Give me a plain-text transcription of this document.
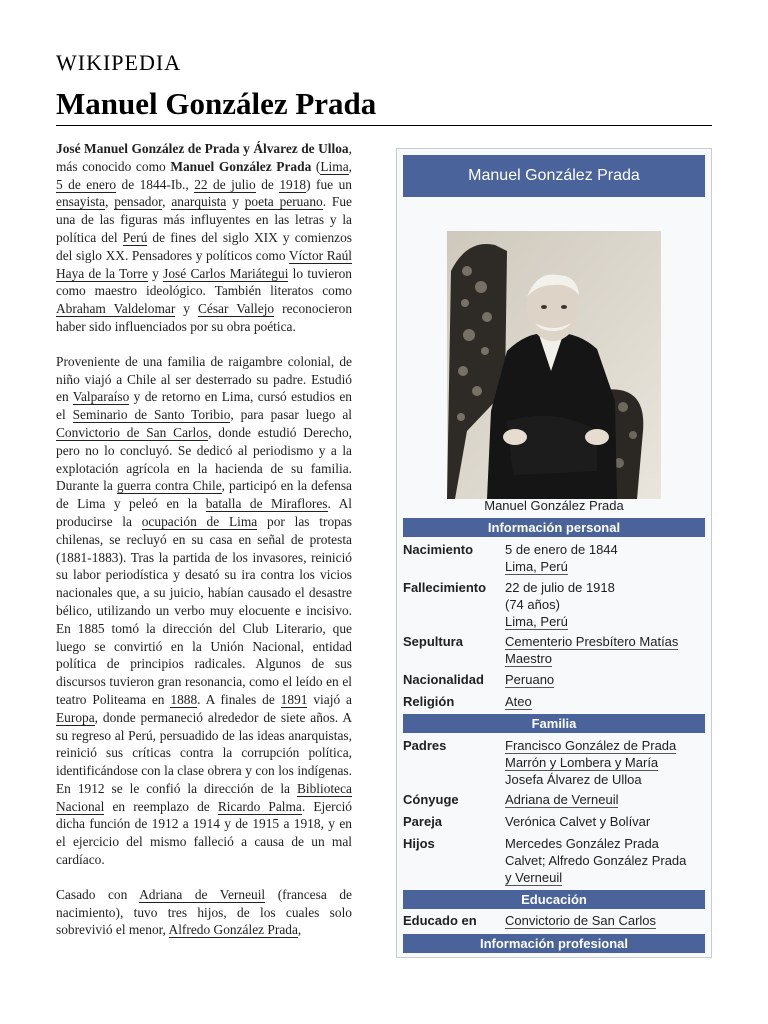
WIKIPEDIA
Manuel González Prada

José Manuel González de Prada y Álvarez de Ulloa, más conocido como Manuel González Prada (Lima, 5 de enero de 1844-Ib., 22 de julio de 1918) fue un ensayista, pensador, anarquista y poeta peruano. Fue una de las figuras más influyentes en las letras y la política del Perú de fines del siglo XIX y comienzos del siglo XX. Pensadores y políticos como Víctor Raúl Haya de la Torre y José Carlos Mariátegui lo tuvieron como maestro ideológico. También literatos como Abraham Valdelomar y César Vallejo reconocieron haber sido influenciados por su obra poética.

Proveniente de una familia de raigambre colonial, de niño viajó a Chile al ser desterrado su padre. Estudió en Valparaíso y de retorno en Lima, cursó estudios en el Seminario de Santo Toribio, para pasar luego al Convictorio de San Carlos, donde estudió Derecho, pero no lo concluyó. Se dedicó al periodismo y a la explotación agrícola en la hacienda de su familia. Durante la guerra contra Chile, participó en la defensa de Lima y peleó en la batalla de Miraflores. Al producirse la ocupación de Lima por las tropas chilenas, se recluyó en su casa en señal de protesta (1881-1883). Tras la partida de los invasores, reinició su labor periodística y desató su ira contra los vicios nacionales que, a su juicio, habían causado el desastre bélico, utilizando un verbo muy elocuente e incisivo. En 1885 tomó la dirección del Club Literario, que luego se convirtió en la Unión Nacional, entidad política de principios radicales. Algunos de sus discursos tuvieron gran resonancia, como el leído en el teatro Politeama en 1888. A finales de 1891 viajó a Europa, donde permaneció alrededor de siete años. A su regreso al Perú, persuadido de las ideas anarquistas, reinició sus críticas contra la corrupción política, identificándose con la clase obrera y con los indígenas. En 1912 se le confió la dirección de la Biblioteca Nacional en reemplazo de Ricardo Palma. Ejerció dicha función de 1912 a 1914 y de 1915 a 1918, y en el ejercicio del mismo falleció a causa de un mal cardíaco.

Casado con Adriana de Verneuil (francesa de nacimiento), tuvo tres hijos, de los cuales solo sobrevivió el menor, Alfredo González Prada,

Manuel González Prada
Manuel González Prada
Información personal
Nacimiento 5 de enero de 1844
Lima, Perú
Fallecimiento 22 de julio de 1918
(74 años)
Lima, Perú
Sepultura	Cementerio Presbítero Matías
Maestro
Nacionalidad Peruano
Religión	Ateo
Familia
Padres	Francisco González de Prada
Marrón y Lombera y María
Josefa Álvarez de Ulloa
Cónyuge	Adriana de Verneuil
Pareja	Verónica Calvet y Bolívar
Hijos	Mercedes González Prada
Calvet; Alfredo González Prada
y Verneuil
Educación
Educado en Convictorio de San Carlos
Información profesional
